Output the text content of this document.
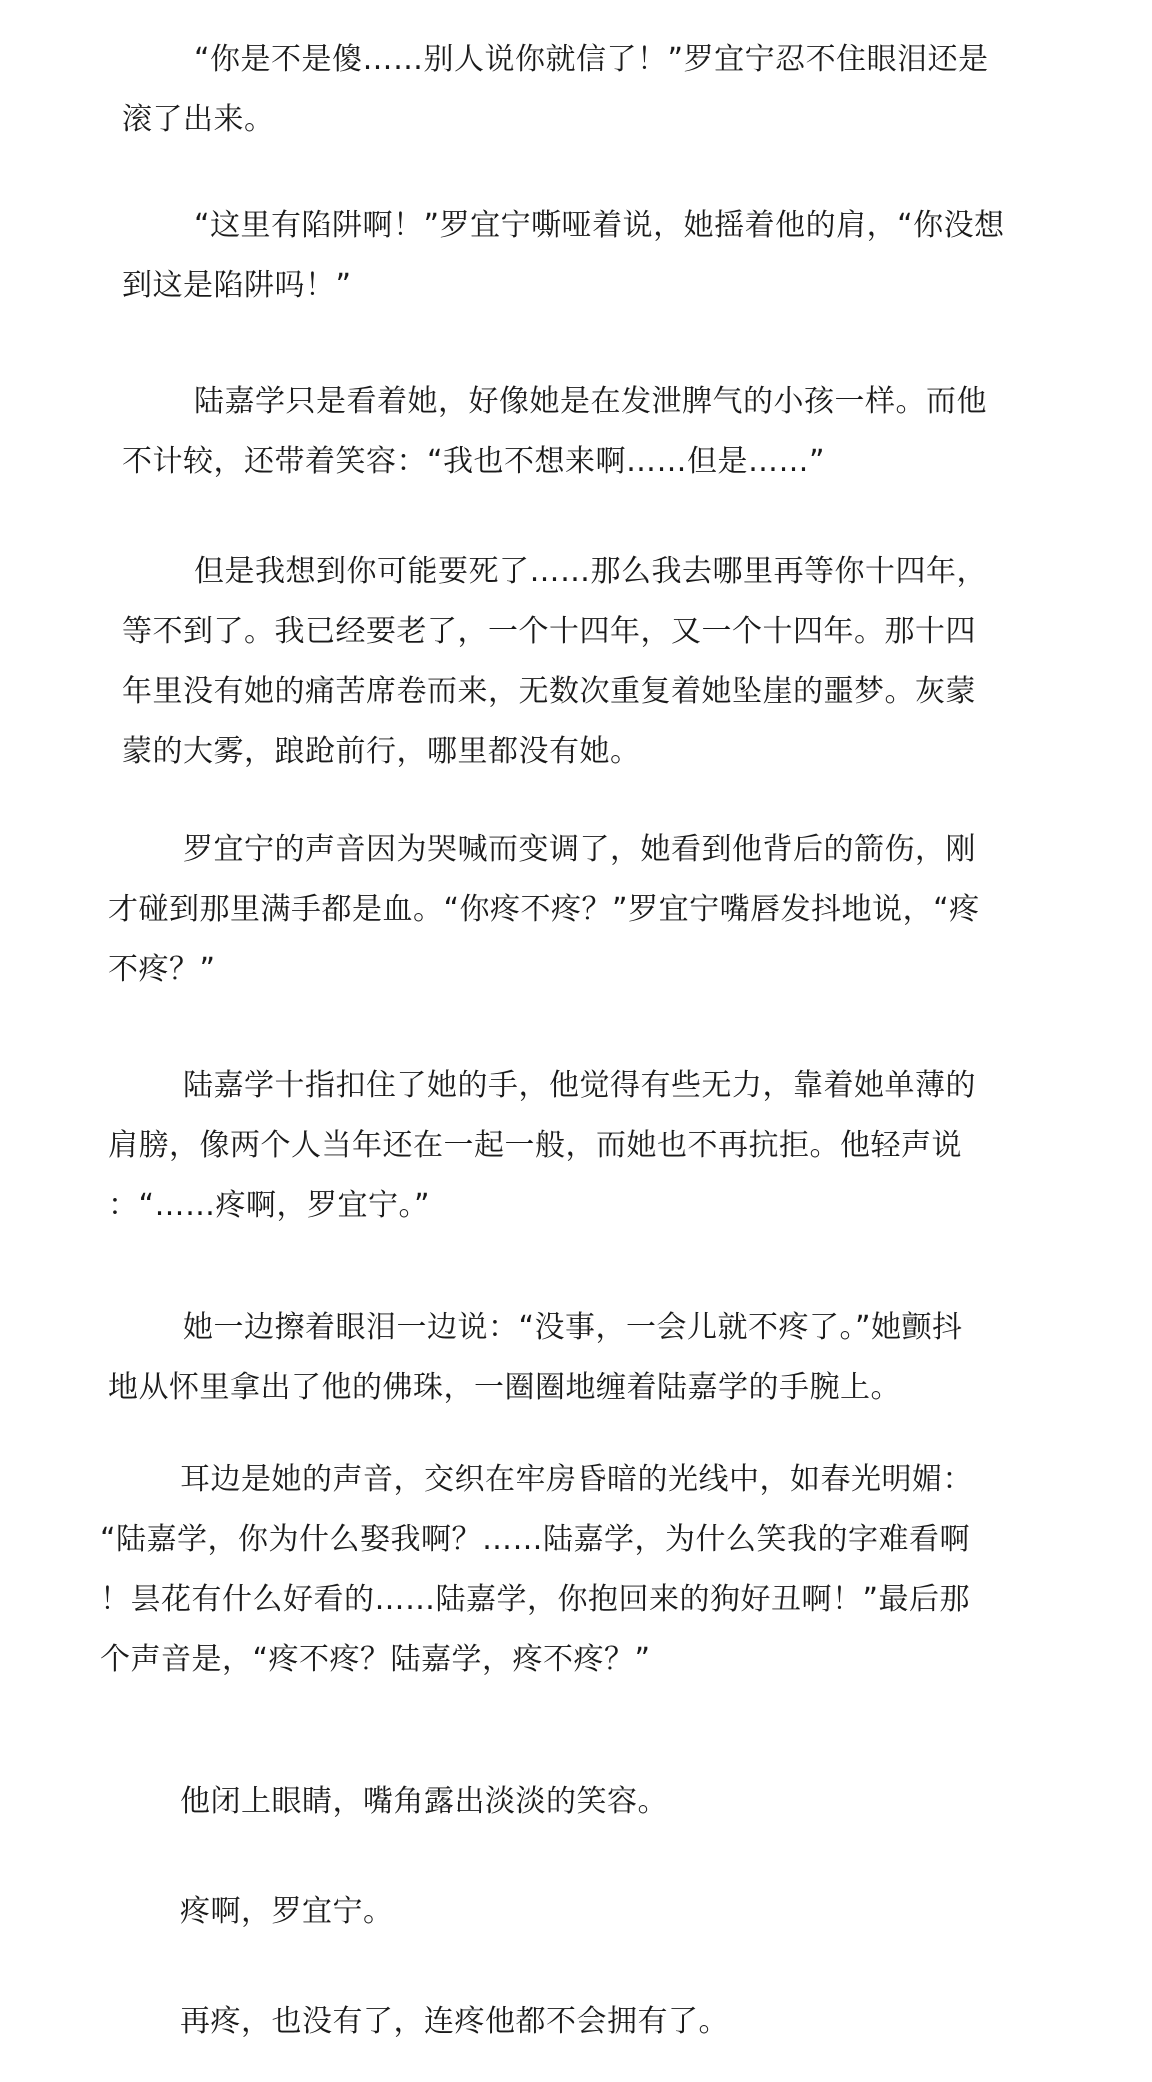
“你是不是傻……别人说你就信了！”罗宜宁忍不住眼泪还是
滚了出来。

“这里有陷阱啊！”罗宜宁嘶哑着说，她摇着他的肩，“你没想
到这是陷阱吗！”

陆嘉学只是看着她，好像她是在发泄脾气的小孩一样。而他
不计较，还带着笑容：“我也不想来啊……但是……”

但是我想到你可能要死了……那么我去哪里再等你十四年，
等不到了。我已经要老了，一个十四年，又一个十四年。那十四
年里没有她的痛苦席卷而来，无数次重复着她坠崖的噩梦。灰蒙
蒙的大雾，踉跄前行，哪里都没有她。

罗宜宁的声音因为哭喊而变调了，她看到他背后的箭伤，刚
才碰到那里满手都是血。“你疼不疼？”罗宜宁嘴唇发抖地说，“疼
不疼？”

陆嘉学十指扣住了她的手，他觉得有些无力，靠着她单薄的
肩膀，像两个人当年还在一起一般，而她也不再抗拒。他轻声说
：“……疼啊，罗宜宁。”

她一边擦着眼泪一边说：“没事，一会儿就不疼了。”她颤抖
地从怀里拿出了他的佛珠，一圈圈地缠着陆嘉学的手腕上。

耳边是她的声音，交织在牢房昏暗的光线中，如春光明媚：
“陆嘉学，你为什么娶我啊？……陆嘉学，为什么笑我的字难看啊
！昙花有什么好看的……陆嘉学，你抱回来的狗好丑啊！”最后那
个声音是，“疼不疼？陆嘉学，疼不疼？”

他闭上眼睛，嘴角露出淡淡的笑容。

疼啊，罗宜宁。

再疼，也没有了，连疼他都不会拥有了。
